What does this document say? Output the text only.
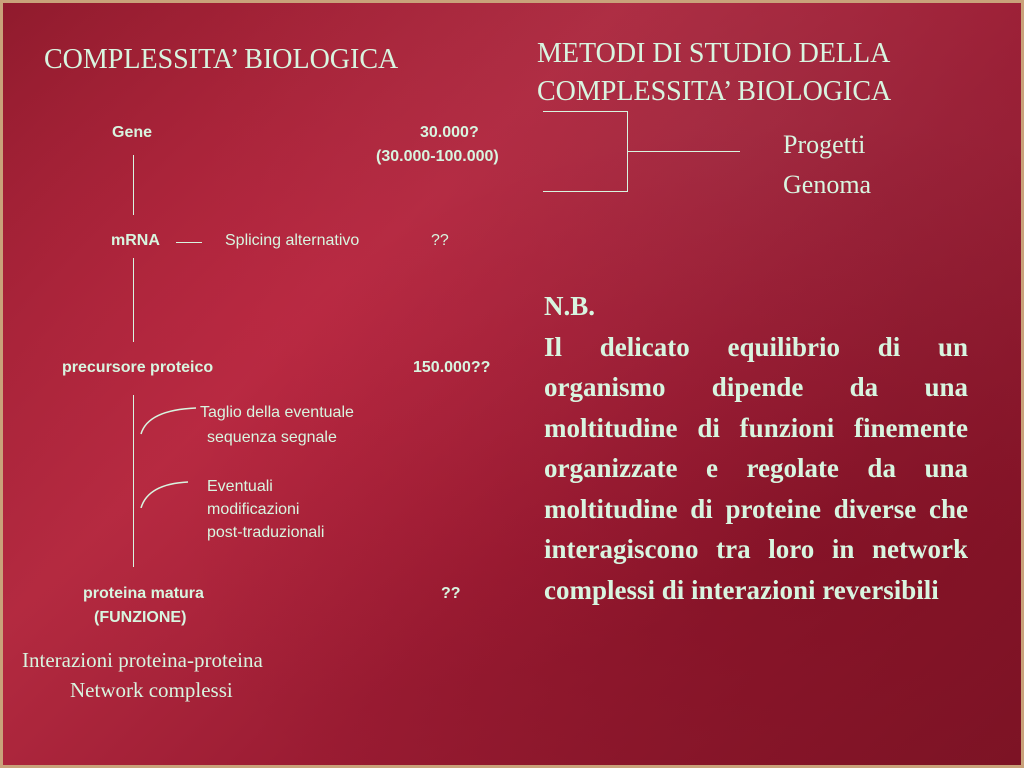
COMPLESSITA’ BIOLOGICA
Gene	30.000?
(30.000-100.000)
mRNA	Splicing alternativo	??
precursore proteico	150.000??
Taglio della eventuale
sequenza segnale
Eventuali
modificazioni
post-traduzionali
proteina matura
(FUNZIONE)
??
Interazioni proteina-proteina
Network complessi
METODI DI STUDIO DELLA
COMPLESSITA’ BIOLOGICA
Progetti
Genoma
N.B.
Il delicato equilibrio di un organismo dipende da una moltitudine di funzioni finemente organizzate e regolate da una moltitudine di proteine diverse che interagiscono tra loro in network complessi di interazioni reversibili
